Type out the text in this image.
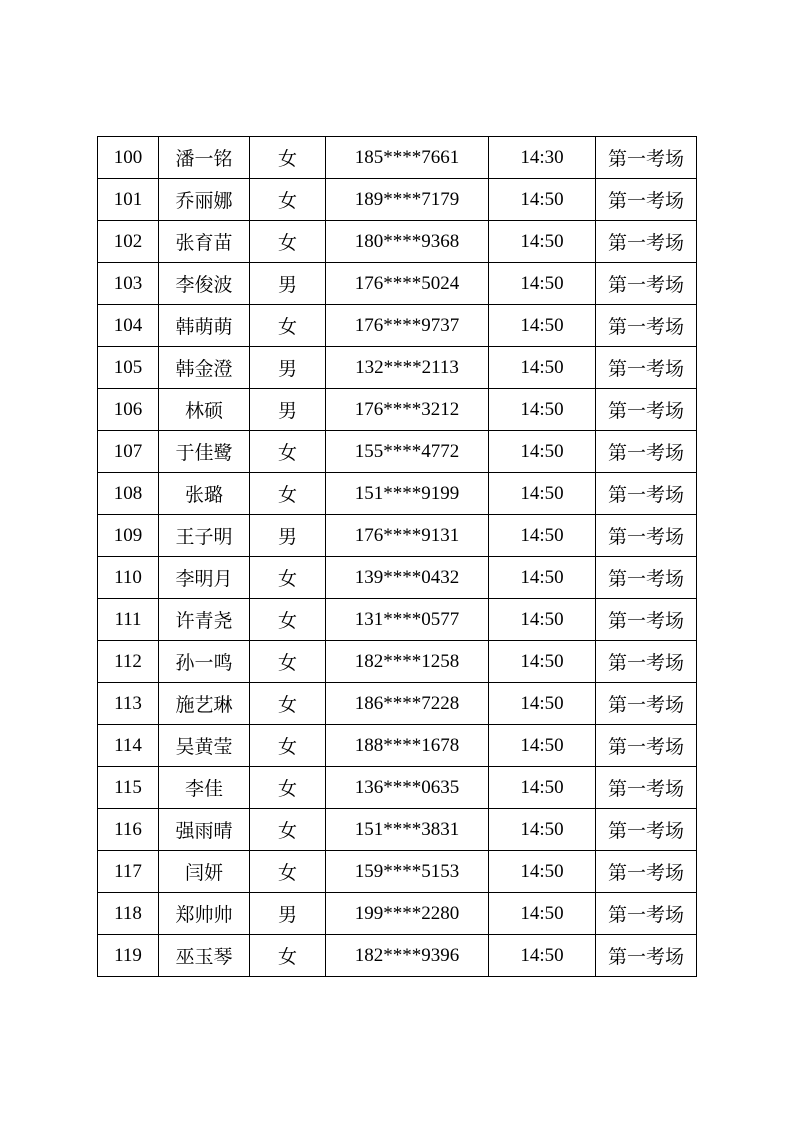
100	潘一铭	女	185****7661	14:30	第一考场
101	乔丽娜	女	189****7179	14:50	第一考场
102	张育苗	女	180****9368	14:50	第一考场
103	李俊波	男	176****5024	14:50	第一考场
104	韩萌萌	女	176****9737	14:50	第一考场
105	韩金澄	男	132****2113	14:50	第一考场
106	林硕	男	176****3212	14:50	第一考场
107	于佳鹭	女	155****4772	14:50	第一考场
108	张璐	女	151****9199	14:50	第一考场
109	王子明	男	176****9131	14:50	第一考场
110	李明月	女	139****0432	14:50	第一考场
111	许青尧	女	131****0577	14:50	第一考场
112	孙一鸣	女	182****1258	14:50	第一考场
113	施艺琳	女	186****7228	14:50	第一考场
114	吴黄莹	女	188****1678	14:50	第一考场
115	李佳	女	136****0635	14:50	第一考场
116	强雨晴	女	151****3831	14:50	第一考场
117	闫妍	女	159****5153	14:50	第一考场
118	郑帅帅	男	199****2280	14:50	第一考场
119	巫玉琴	女	182****9396	14:50	第一考场
